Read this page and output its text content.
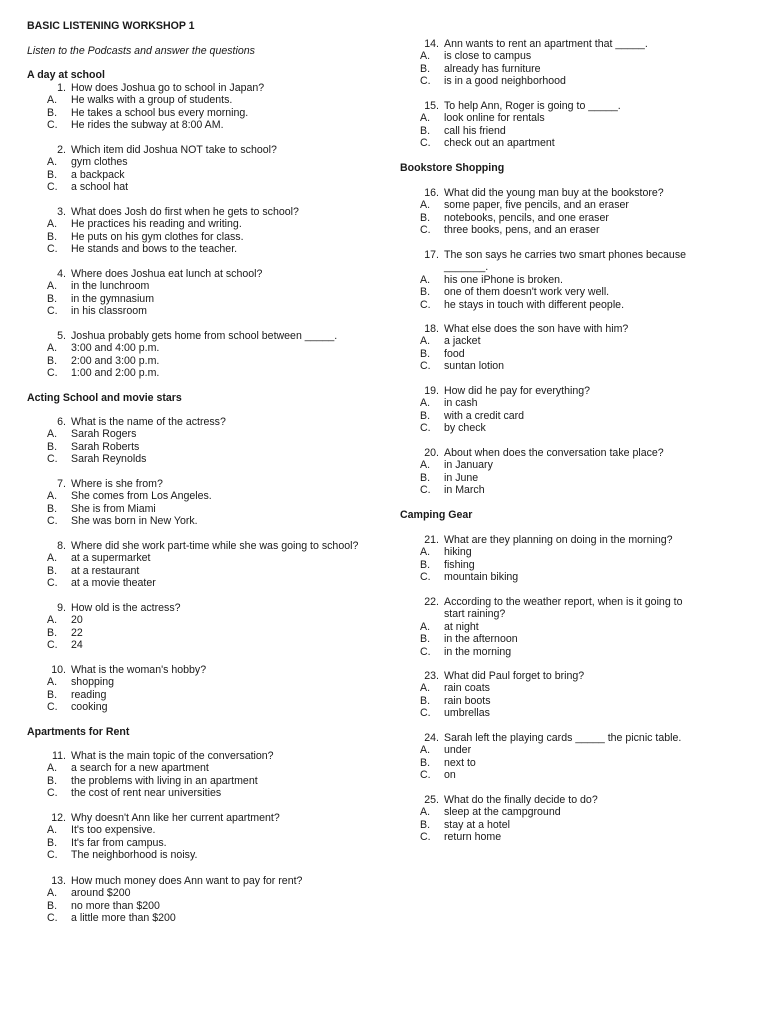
BASIC LISTENING WORKSHOP 1
Listen to the Podcasts and answer the questions
A day at school
1. How does Joshua go to school in Japan?
A.	He walks with a group of students.
B.	He takes a school bus every morning.
C.	He rides the subway at 8:00 AM.
2. Which item did Joshua NOT take to school?
A.	gym clothes
B.	a backpack
C.	a school hat
3. What does Josh do first when he gets to school?
A.	He practices his reading and writing.
B.	He puts on his gym clothes for class.
C.	He stands and bows to the teacher.
4. Where does Joshua eat lunch at school?
A.	in the lunchroom
B.	in the gymnasium
C.	in his classroom
5. Joshua probably gets home from school between _____.
A.	3:00 and 4:00 p.m.
B.	2:00 and 3:00 p.m.
C.	1:00 and 2:00 p.m.
Acting School and movie stars
6. What is the name of the actress?
A.	Sarah Rogers
B.	Sarah Roberts
C.	Sarah Reynolds
7. Where is she from?
A.	She comes from Los Angeles.
B.	She is from Miami
C.	She was born in New York.
8. Where did she work part-time while she was going to school?
A.	at a supermarket
B.	at a restaurant
C.	at a movie theater
9. How old is the actress?
A.	20
B.	22
C.	24
10. What is the woman's hobby?
A.	shopping
B.	reading
C.	cooking
Apartments for Rent
11. What is the main topic of the conversation?
A.	a search for a new apartment
B.	the problems with living in an apartment
C.	the cost of rent near universities
12. Why doesn't Ann like her current apartment?
A.	It's too expensive.
B.	It's far from campus.
C.	The neighborhood is noisy.
13. How much money does Ann want to pay for rent?
A.	around $200
B.	no more than $200
C.	a little more than $200
14. Ann wants to rent an apartment that _____.
A.	is close to campus
B.	already has furniture
C.	is in a good neighborhood
15. To help Ann, Roger is going to _____.
A.	look online for rentals
B.	call his friend
C.	check out an apartment
Bookstore Shopping
16. What did the young man buy at the bookstore?
A.	some paper, five pencils, and an eraser
B.	notebooks, pencils, and one eraser
C.	three books, pens, and an eraser
17. The son says he carries two smart phones because
_______.
A.	his one iPhone is broken.
B.	one of them doesn't work very well.
C.	he stays in touch with different people.
18. What else does the son have with him?
A.	a jacket
B.	food
C.	suntan lotion
19. How did he pay for everything?
A.	in cash
B.	with a credit card
C.	by check
20. About when does the conversation take place?
A.	in January
B.	in June
C.	in March
Camping Gear
21. What are they planning on doing in the morning?
A.	hiking
B.	fishing
C.	mountain biking
22. According to the weather report, when is it going to
start raining?
A.	at night
B.	in the afternoon
C.	in the morning
23. What did Paul forget to bring?
A.	rain coats
B.	rain boots
C.	umbrellas
24. Sarah left the playing cards _____ the picnic table.
A.	under
B.	next to
C.	on
25. What do the finally decide to do?
A.	sleep at the campground
B.	stay at a hotel
C.	return home
